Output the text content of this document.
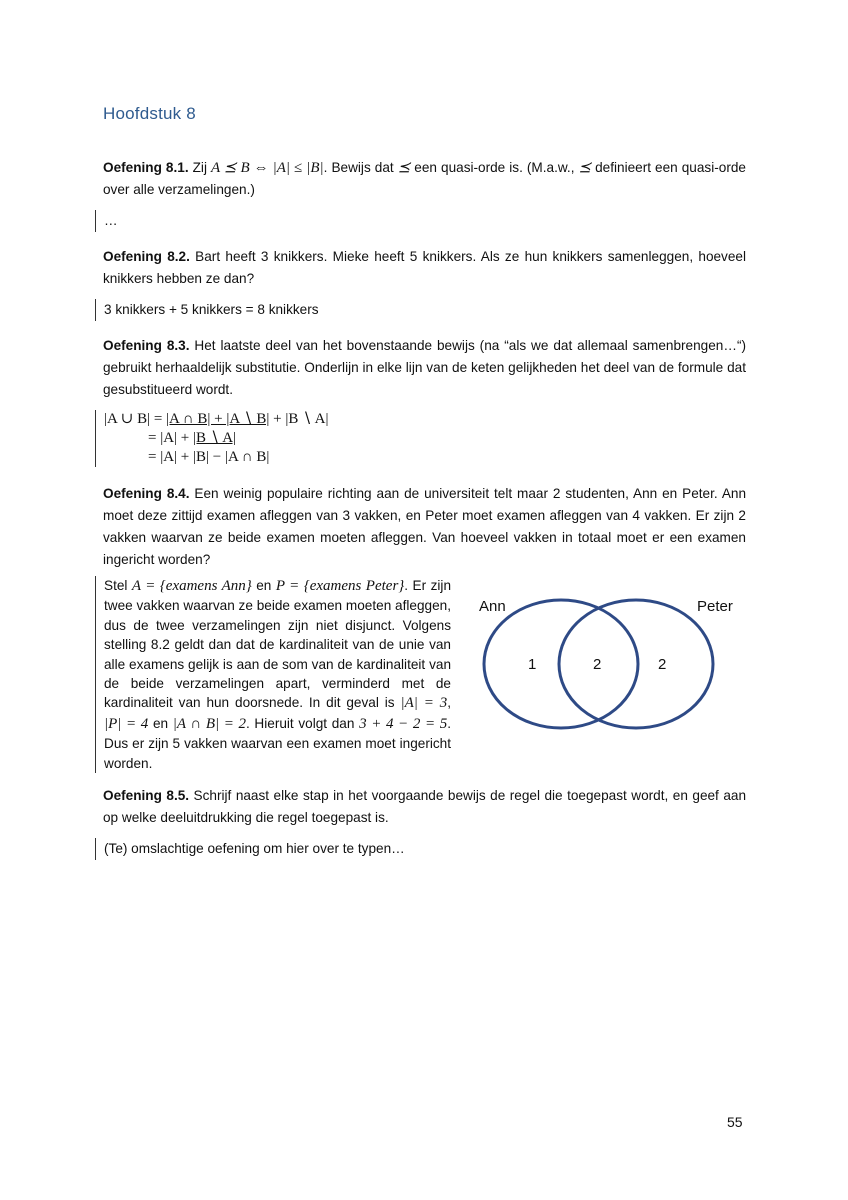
Hoofdstuk 8
Oefening 8.1. Zij A ⪯ B ⇔ |A| ≤ |B|. Bewijs dat ⪯ een quasi-orde is. (M.a.w., ⪯ definieert een quasi-orde over alle verzamelingen.)
…
Oefening 8.2. Bart heeft 3 knikkers. Mieke heeft 5 knikkers. Als ze hun knikkers samenleggen, hoeveel knikkers hebben ze dan?
3 knikkers + 5 knikkers = 8 knikkers
Oefening 8.3. Het laatste deel van het bovenstaande bewijs (na “als we dat allemaal samenbrengen…“) gebruikt herhaaldelijk substitutie. Onderlijn in elke lijn van de keten gelijkheden het deel van de formule dat gesubstitueerd wordt.
|A ∪ B| = |A ∩ B| + |A ∖ B| + |B ∖ A|
= |A| + |B ∖ A|
= |A| + |B| − |A ∩ B|
Oefening 8.4. Een weinig populaire richting aan de universiteit telt maar 2 studenten, Ann en Peter. Ann moet deze zittijd examen afleggen van 3 vakken, en Peter moet examen afleggen van 4 vakken. Er zijn 2 vakken waarvan ze beide examen moeten afleggen. Van hoeveel vakken in totaal moet er een examen ingericht worden?
Stel A = {examens Ann} en P = {examens Peter}. Er zijn twee vakken waarvan ze beide examen moeten afleggen, dus de twee verzamelingen zijn niet disjunct. Volgens stelling 8.2 geldt dan dat de kardinaliteit van de unie van alle examens gelijk is aan de som van de kardinaliteit van de beide verzamelingen apart, verminderd met de kardinaliteit van hun doorsnede. In dit geval is |A| = 3, |P| = 4 en |A ∩ B| = 2. Hieruit volgt dan 3 + 4 − 2 = 5. Dus er zijn 5 vakken waarvan een examen moet ingericht worden.
Ann	Peter
1	2	2
Oefening 8.5. Schrijf naast elke stap in het voorgaande bewijs de regel die toegepast wordt, en geef aan op welke deeluitdrukking die regel toegepast is.
(Te) omslachtige oefening om hier over te typen…
55
